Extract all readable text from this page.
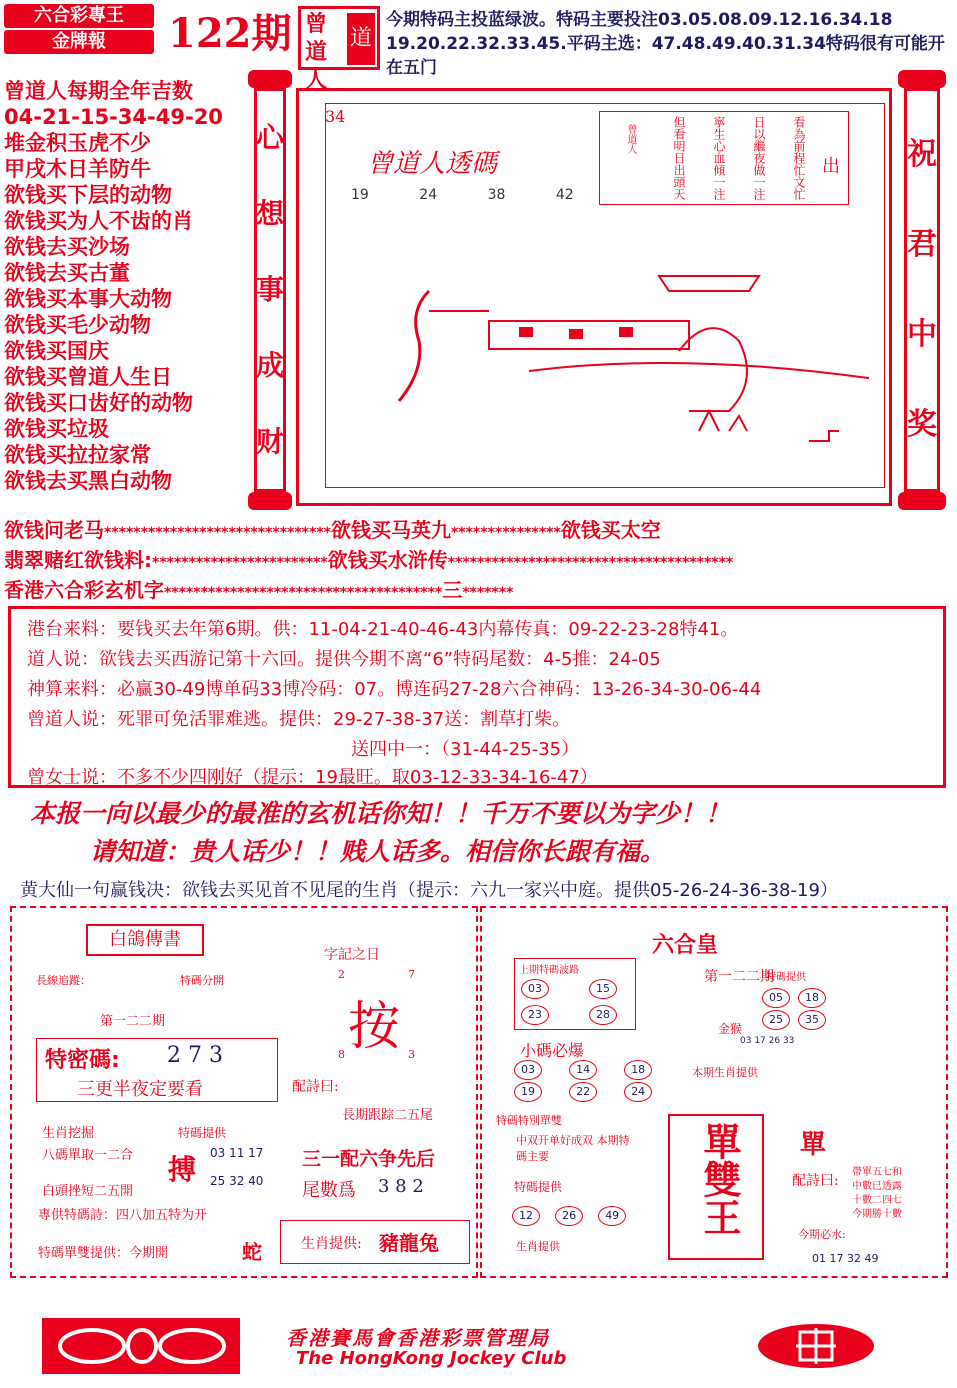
六合彩專王
金牌報	122期 曾道人
道
今期特码主投蓝绿波。特码主要投注03.05.08.09.12.16.34.18 19.20.22.32.33.45.平码主选：47.48.49.40.31.34特码很有可能开在五门
曾道人每期全年吉数
04-21-15-34-49-20
堆金积玉虎不少
甲戌木日羊防牛
欲钱买下层的动物
欲钱买为人不齿的肖
欲钱去买沙场
欲钱去买古董
欲钱买本事大动物
欲钱买毛少动物
欲钱买国庆
欲钱买曾道人生日
欲钱买口齿好的动物
欲钱买垃圾
欲钱买拉拉家常
欲钱去买黑白动物
心
想
事
成
财
祝
君
中
奖
34
曾道人透碼
19	24	38	42
出
看為前程忙文忙
日以繼夜做一注
寧生心血傾一注
但看明日出頭天
曾道人
欲钱问老马*******************************欲钱买马英九***************欲钱买太空
翡翠赌红欲钱料:************************欲钱买水浒传***************************************
香港六合彩玄机字**************************************三*******
港台来料：要钱买去年第6期。供：11-04-21-40-46-43内幕传真：09-22-23-28特41。
道人说：欲钱去买西游记第十六回。提供今期不离“6”特码尾数：4-5推：24-05
神算来料：必赢30-49博单码33博冷码：07。博连码27-28六合神码：13-26-34-30-06-44
曾道人说：死罪可免活罪难逃。提供：29-27-38-37送：割草打柴。
送四中一：（31-44-25-35）
曾女士说：不多不少四刚好（提示：19最旺。取03-12-33-34-16-47）
本报一向以最少的最准的玄机话你知！！千万不要以为字少！！
请知道：贵人话少！！贱人话多。相信你长跟有福。
黄大仙一句赢钱决：欲钱去买见首不见尾的生肖（提示：六九一家兴中庭。提供05-26-24-36-38-19）
白鴿傳書
長線追蹤：	特碼分開
第一二二期
特密碼: 2 7 3
三更半夜定要看
生肖挖掘
八碼單取一二合
白頭挫短二五開
特碼提供
搏 03 11 17
25 32 40
專供特碼詩：四八加五特为开
特碼單雙提供：今期開	蛇
字記之日
2	7
按
8	3
配詩曰:
長期跟踪二五尾
三一配六争先后
尾數爲 3 8 2
生肖提供: 豬龍兔
六合皇
上期特碼波路
03	15
23	28
第一二二期
金猴
特碼提供
05	18
25	35
03 17 26 33
小碼必爆
03	14	18
19	22	24
本期生肖提供
單雙王
特碼特別單雙
中双开单好成双 本期特碼主要
特碼提供
12	26	49
生肖提供
單
配詩曰:
帶單五七和
中數已透露
十數二四七
今期勝十數
今期必水:
01 17 32 49
香港賽馬會香港彩票管理局
The HongKong Jockey Club
